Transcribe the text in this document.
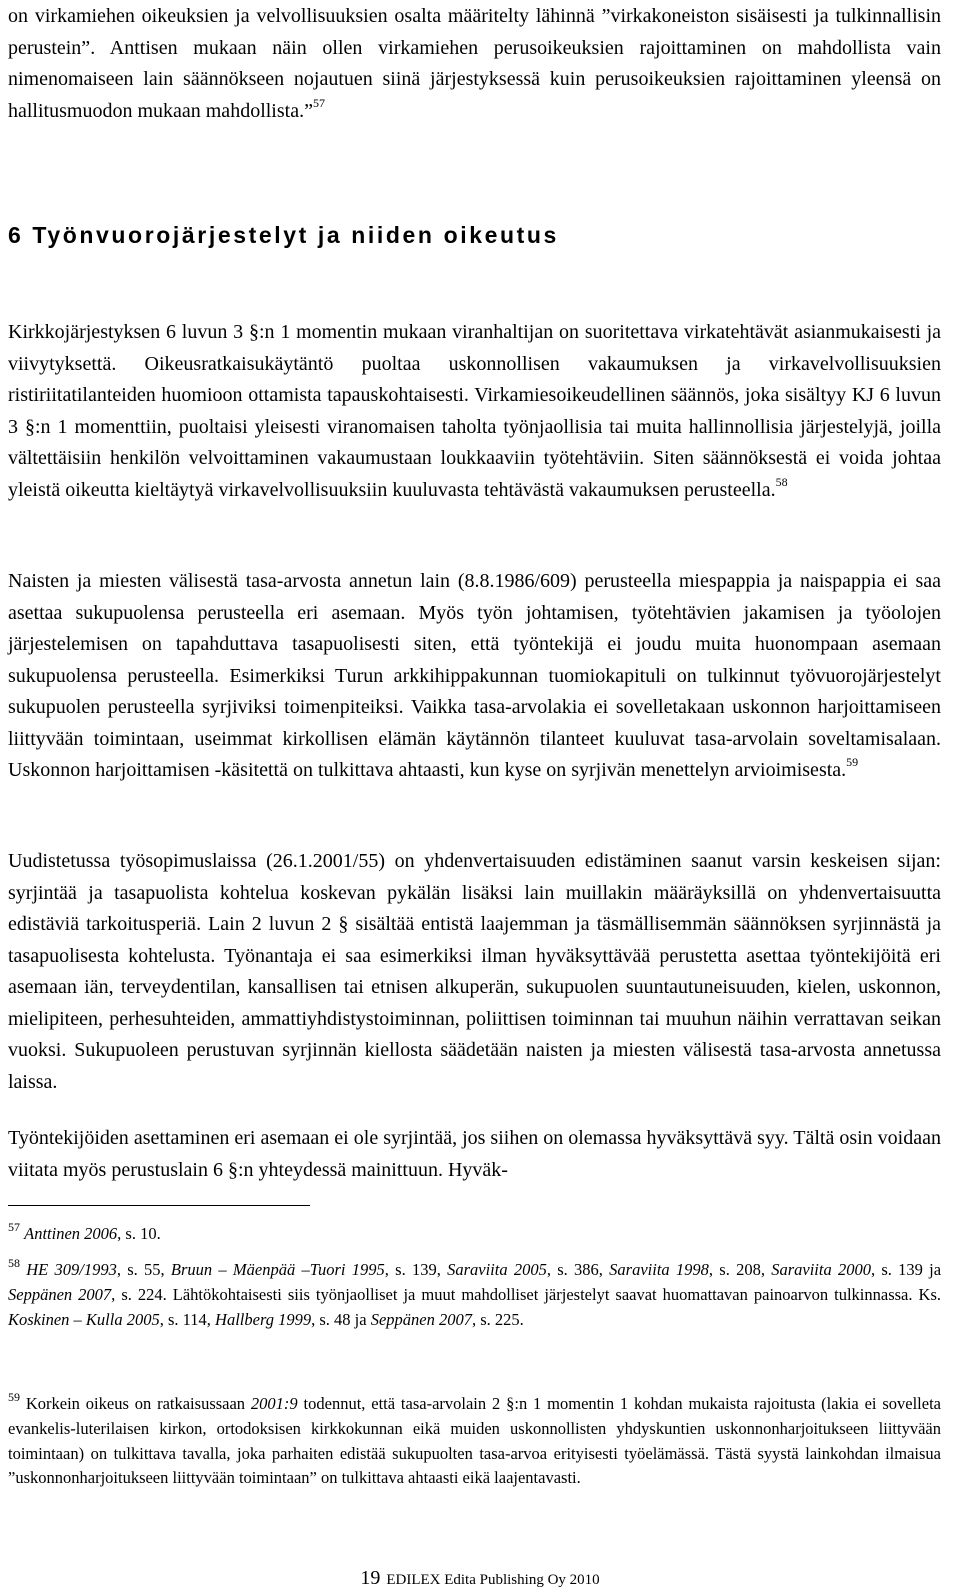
on virkamiehen oikeuksien ja velvollisuuksien osalta määritelty lähinnä ”virkakoneiston sisäisesti ja tulkinnallisin perustein”. Anttisen mukaan näin ollen virkamiehen perusoikeuksien rajoittaminen on mahdollista vain nimenomaiseen lain säännökseen nojautuen siinä järjestyksessä kuin perusoikeuksien rajoittaminen yleensä on hallitusmuodon mukaan mahdollista.”$^{57}$

6 Työnvuorojärjestelyt ja niiden oikeutus

Kirkkojärjestyksen 6 luvun 3 §:n 1 momentin mukaan viranhaltijan on suoritettava virkatehtävät asianmukaisesti ja viivytyksettä. Oikeusratkaisukäytäntö puoltaa uskonnollisen vakaumuksen ja virkavelvollisuuksien ristiriitatilanteiden huomioon ottamista tapauskohtaisesti. Virkamiesoikeudellinen säännös, joka sisältyy KJ 6 luvun 3 §:n 1 momenttiin, puoltaisi yleisesti viranomaisen taholta työnjaollisia tai muita hallinnollisia järjestelyjä, joilla vältettäisiin henkilön velvoittaminen vakaumustaan loukkaaviin työtehtäviin. Siten säännöksestä ei voida johtaa yleistä oikeutta kieltäytyä virkavelvollisuuksiin kuuluvasta tehtävästä vakaumuksen perusteella.$^{58}$

Naisten ja miesten välisestä tasa-arvosta annetun lain (8.8.1986/609) perusteella miespappia ja naispappia ei saa asettaa sukupuolensa perusteella eri asemaan. Myös työn johtamisen, työtehtävien jakamisen ja työolojen järjestelemisen on tapahduttava tasapuolisesti siten, että työntekijä ei joudu muita huonompaan asemaan sukupuolensa perusteella. Esimerkiksi Turun arkkihippakunnan tuomiokapituli on tulkinnut työvuorojärjestelyt sukupuolen perusteella syrjiviksi toimenpiteiksi. Vaikka tasa-arvolakia ei sovelletakaan uskonnon harjoittamiseen liittyvään toimintaan, useimmat kirkollisen elämän käytännön tilanteet kuuluvat tasa-arvolain soveltamisalaan. Uskonnon harjoittamisen -käsitettä on tulkittava ahtaasti, kun kyse on syrjivän menettelyn arvioimisesta.$^{59}$

Uudistetussa työsopimuslaissa (26.1.2001/55) on yhdenvertaisuuden edistäminen saanut varsin keskeisen sijan: syrjintää ja tasapuolista kohtelua koskevan pykälän lisäksi lain muillakin määräyksillä on yhdenvertaisuutta edistäviä tarkoitusperiä. Lain 2 luvun 2 § sisältää entistä laajemman ja täsmällisemmän säännöksen syrjinnästä ja tasapuolisesta kohtelusta. Työnantaja ei saa esimerkiksi ilman hyväksyttävää perustetta asettaa työntekijöitä eri asemaan iän, terveydentilan, kansallisen tai etnisen alkuperän, sukupuolen suuntautuneisuuden, kielen, uskonnon, mielipiteen, perhesuhteiden, ammattiyhdistystoiminnan, poliittisen toiminnan tai muuhun näihin verrattavan seikan vuoksi. Sukupuoleen perustuvan syrjinnän kiellosta säädetään naisten ja miesten välisestä tasa-arvosta annetussa laissa.

Työntekijöiden asettaminen eri asemaan ei ole syrjintää, jos siihen on olemassa hyväksyttävä syy. Tältä osin voidaan viitata myös perustuslain 6 §:n yhteydessä mainittuun. Hyväk-

$^{57}$ Anttinen 2006, s. 10.

$^{58}$ HE 309/1993, s. 55, Bruun – Mäenpää –Tuori 1995, s. 139, Saraviita 2005, s. 386, Saraviita 1998, s. 208, Saraviita 2000, s. 139 ja Seppänen 2007, s. 224. Lähtökohtaisesti siis työnjaolliset ja muut mahdolliset järjestelyt saavat huomattavan painoarvon tulkinnassa. Ks. Koskinen – Kulla 2005, s. 114, Hallberg 1999, s. 48 ja Seppänen 2007, s. 225.

$^{59}$ Korkein oikeus on ratkaisussaan 2001:9 todennut, että tasa-arvolain 2 §:n 1 momentin 1 kohdan mukaista rajoitusta (lakia ei sovelleta evankelis-luterilaisen kirkon, ortodoksisen kirkkokunnan eikä muiden uskonnollisten yhdyskuntien uskonnonharjoitukseen liittyvään toimintaan) on tulkittava tavalla, joka parhaiten edistää sukupuolten tasa-arvoa erityisesti työelämässä. Tästä syystä lainkohdan ilmaisua ”uskonnonharjoitukseen liittyvään toimintaan” on tulkittava ahtaasti eikä laajentavasti.

19 EDILEX Edita Publishing Oy 2010
